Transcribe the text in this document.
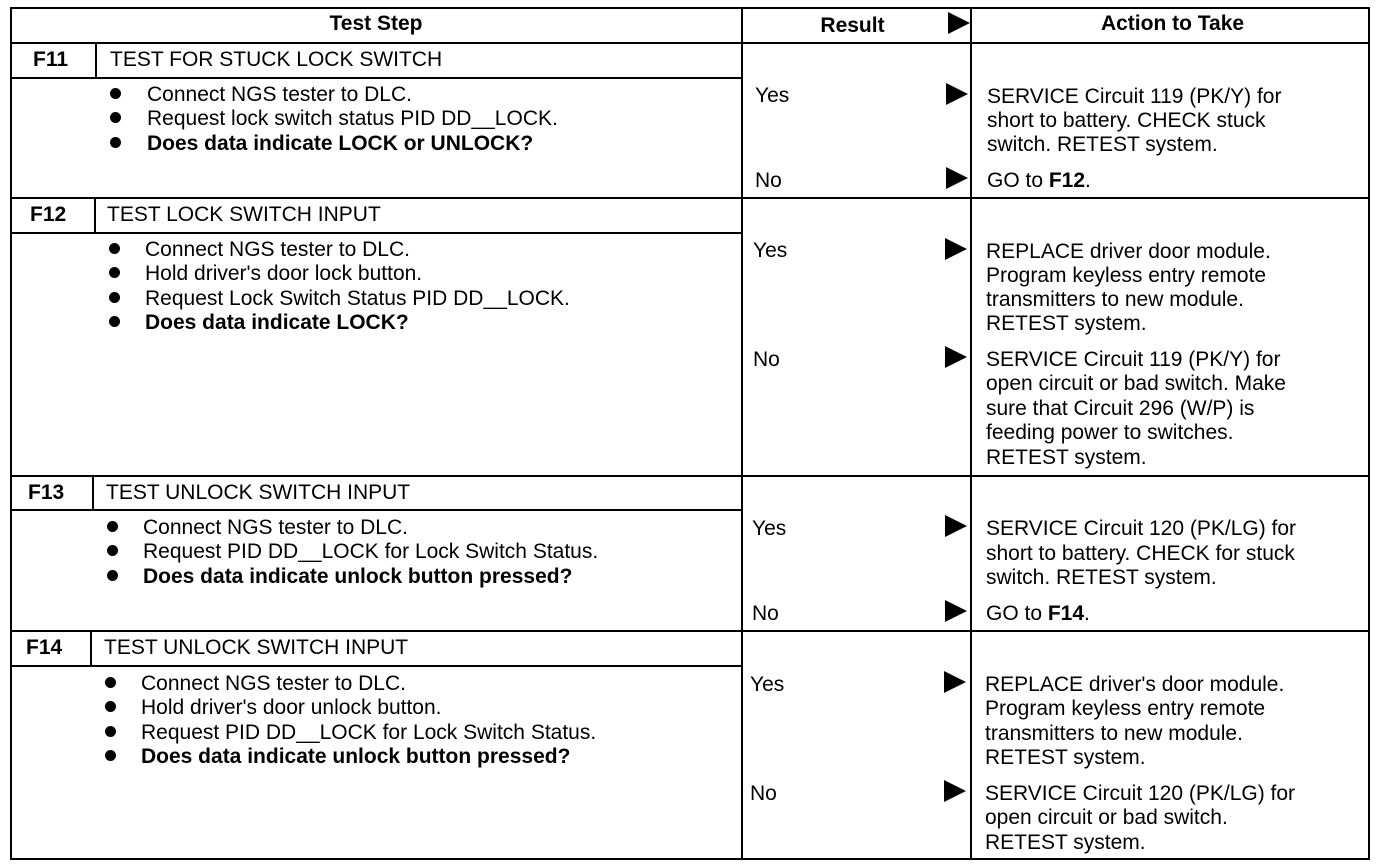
Test Step	Result	Action to Take
F11 TEST FOR STUCK LOCK SWITCH
Connect NGS tester to DLC.
Request lock switch status PID DD__LOCK.
Does data indicate LOCK or UNLOCK?
Yes	SERVICE Circuit 119 (PK/Y) for
short to battery. CHECK stuck
switch. RETEST system.
No	GO to F12.
F12 TEST LOCK SWITCH INPUT
Connect NGS tester to DLC.
Hold driver's door lock button.
Request Lock Switch Status PID DD__LOCK.
Does data indicate LOCK?
Yes	REPLACE driver door module.
Program keyless entry remote
transmitters to new module.
RETEST system.
No	SERVICE Circuit 119 (PK/Y) for
open circuit or bad switch. Make
sure that Circuit 296 (W/P) is
feeding power to switches.
RETEST system.
F13 TEST UNLOCK SWITCH INPUT
Connect NGS tester to DLC.
Request PID DD__LOCK for Lock Switch Status.
Does data indicate unlock button pressed?
Yes	SERVICE Circuit 120 (PK/LG) for
short to battery. CHECK for stuck
switch. RETEST system.
No	GO to F14.
F14 TEST UNLOCK SWITCH INPUT
Connect NGS tester to DLC.
Hold driver's door unlock button.
Request PID DD__LOCK for Lock Switch Status.
Does data indicate unlock button pressed?
Yes	REPLACE driver's door module.
Program keyless entry remote
transmitters to new module.
RETEST system.
No	SERVICE Circuit 120 (PK/LG) for
open circuit or bad switch.
RETEST system.
